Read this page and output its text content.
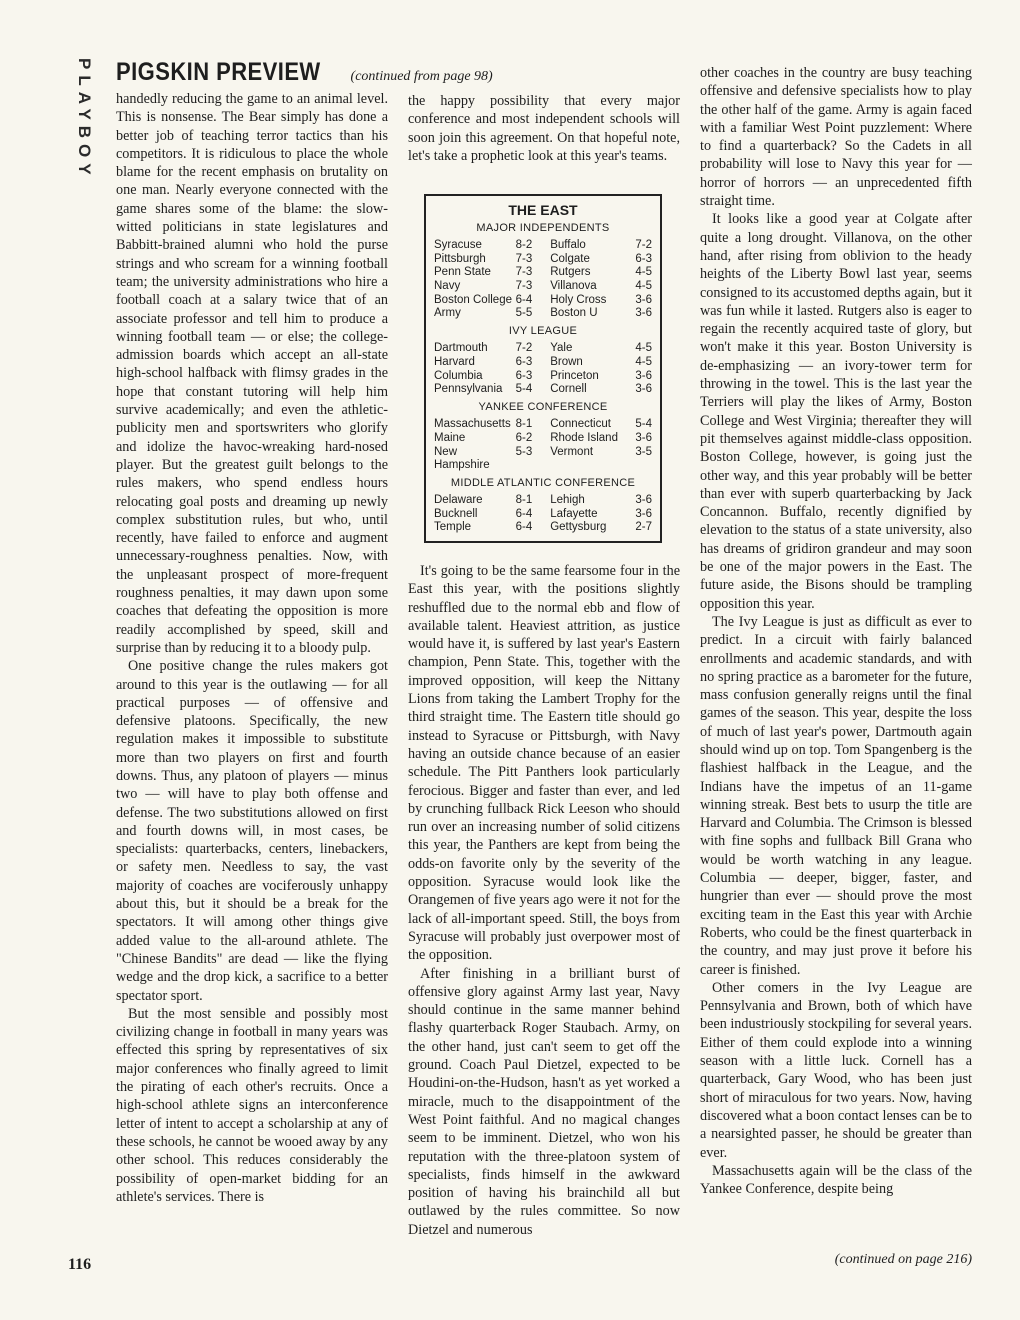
PLAYBOY PIGSKIN PREVIEW (continued from page 98)

handedly reducing the game to an animal level. This is nonsense. The Bear simply has done a better job of teaching terror tactics than his competitors. It is ridiculous to place the whole blame for the recent emphasis on brutality on one man. Nearly everyone connected with the game shares some of the blame: the slow-witted politicians in state legislatures and Babbitt-brained alumni who hold the purse strings and who scream for a winning football team; the university administrations who hire a football coach at a salary twice that of an associate professor and tell him to produce a winning football team — or else; the college-admission boards which accept an all-state high-school halfback with flimsy grades in the hope that constant tutoring will help him survive academically; and even the athletic-publicity men and sportswriters who glorify and idolize the havoc-wreaking hard-nosed player. But the greatest guilt belongs to the rules makers, who spend endless hours relocating goal posts and dreaming up newly complex substitution rules, but who, until recently, have failed to enforce and augment unnecessary-roughness penalties. Now, with the unpleasant prospect of more-frequent roughness penalties, it may dawn upon some coaches that defeating the opposition is more readily accomplished by speed, skill and surprise than by reducing it to a bloody pulp.

One positive change the rules makers got around to this year is the outlawing — for all practical purposes — of offensive and defensive platoons. Specifically, the new regulation makes it impossible to substitute more than two players on first and fourth downs. Thus, any platoon of players — minus two — will have to play both offense and defense. The two substitutions allowed on first and fourth downs will, in most cases, be specialists: quarterbacks, centers, linebackers, or safety men. Needless to say, the vast majority of coaches are vociferously unhappy about this, but it should be a break for the spectators. It will among other things give added value to the all-around athlete. The "Chinese Bandits" are dead — like the flying wedge and the drop kick, a sacrifice to a better spectator sport.

But the most sensible and possibly most civilizing change in football in many years was effected this spring by representatives of six major conferences who finally agreed to limit the pirating of each other's recruits. Once a high-school athlete signs an interconference letter of intent to accept a scholarship at any of these schools, he cannot be wooed away by any other school. This reduces considerably the possibility of open-market bidding for an athlete's services. There is

the happy possibility that every major conference and most independent schools will soon join this agreement. On that hopeful note, let's take a prophetic look at this year's teams.

THE EAST
MAJOR INDEPENDENTS
Syracuse	8-2	Buffalo	7-2
Pittsburgh	7-3	Colgate	6-3
Penn State	7-3	Rutgers	4-5
Navy	7-3	Villanova	4-5
Boston College 6-4	Holy Cross	3-6
Army	5-5	Boston U	3-6
IVY LEAGUE
Dartmouth	7-2	Yale	4-5
Harvard	6-3	Brown	4-5
Columbia	6-3	Princeton	3-6
Pennsylvania	5-4	Cornell	3-6
YANKEE CONFERENCE
Massachusetts 8-1	Connecticut	5-4
Maine	6-2	Rhode Island	3-6
New Hampshire
5-3	Vermont	3-5
MIDDLE ATLANTIC CONFERENCE
Delaware	8-1	Lehigh	3-6
Bucknell	6-4	Lafayette	3-6
Temple	6-4	Gettysburg	2-7

It's going to be the same fearsome four in the East this year, with the positions slightly reshuffled due to the normal ebb and flow of available talent. Heaviest attrition, as justice would have it, is suffered by last year's Eastern champion, Penn State. This, together with the improved opposition, will keep the Nittany Lions from taking the Lambert Trophy for the third straight time. The Eastern title should go instead to Syracuse or Pittsburgh, with Navy having an outside chance because of an easier schedule. The Pitt Panthers look particularly ferocious. Bigger and faster than ever, and led by crunching fullback Rick Leeson who should run over an increasing number of solid citizens this year, the Panthers are kept from being the odds-on favorite only by the severity of the opposition. Syracuse would look like the Orangemen of five years ago were it not for the lack of all-important speed. Still, the boys from Syracuse will probably just overpower most of the opposition.

After finishing in a brilliant burst of offensive glory against Army last year, Navy should continue in the same manner behind flashy quarterback Roger Staubach. Army, on the other hand, just can't seem to get off the ground. Coach Paul Dietzel, expected to be Houdini-on-the-Hudson, hasn't as yet worked a miracle, much to the disappointment of the West Point faithful. And no magical changes seem to be imminent. Dietzel, who won his reputation with the three-platoon system of specialists, finds himself in the awkward position of having his brainchild all but outlawed by the rules committee. So now Dietzel and numerous

other coaches in the country are busy teaching offensive and defensive specialists how to play the other half of the game. Army is again faced with a familiar West Point puzzlement: Where to find a quarterback? So the Cadets in all probability will lose to Navy this year for — horror of horrors — an unprecedented fifth straight time.

It looks like a good year at Colgate after quite a long drought. Villanova, on the other hand, after rising from oblivion to the heady heights of the Liberty Bowl last year, seems consigned to its accustomed depths again, but it was fun while it lasted. Rutgers also is eager to regain the recently acquired taste of glory, but won't make it this year. Boston University is de-emphasizing — an ivory-tower term for throwing in the towel. This is the last year the Terriers will play the likes of Army, Boston College and West Virginia; thereafter they will pit themselves against middle-class opposition. Boston College, however, is going just the other way, and this year probably will be better than ever with superb quarterbacking by Jack Concannon. Buffalo, recently dignified by elevation to the status of a state university, also has dreams of gridiron grandeur and may soon be one of the major powers in the East. The future aside, the Bisons should be trampling opposition this year.

The Ivy League is just as difficult as ever to predict. In a circuit with fairly balanced enrollments and academic standards, and with no spring practice as a barometer for the future, mass confusion generally reigns until the final games of the season. This year, despite the loss of much of last year's power, Dartmouth again should wind up on top. Tom Spangenberg is the flashiest halfback in the League, and the Indians have the impetus of an 11-game winning streak. Best bets to usurp the title are Harvard and Columbia. The Crimson is blessed with fine sophs and fullback Bill Grana who would be worth watching in any league. Columbia — deeper, bigger, faster, and hungrier than ever — should prove the most exciting team in the East this year with Archie Roberts, who could be the finest quarterback in the country, and may just prove it before his career is finished.

Other comers in the Ivy League are Pennsylvania and Brown, both of which have been industriously stockpiling for several years. Either of them could explode into a winning season with a little luck. Cornell has a quarterback, Gary Wood, who has been just short of miraculous for two years. Now, having discovered what a boon contact lenses can be to a nearsighted passer, he should be greater than ever.

Massachusetts again will be the class of the Yankee Conference, despite being

116	(continued on page 216)
